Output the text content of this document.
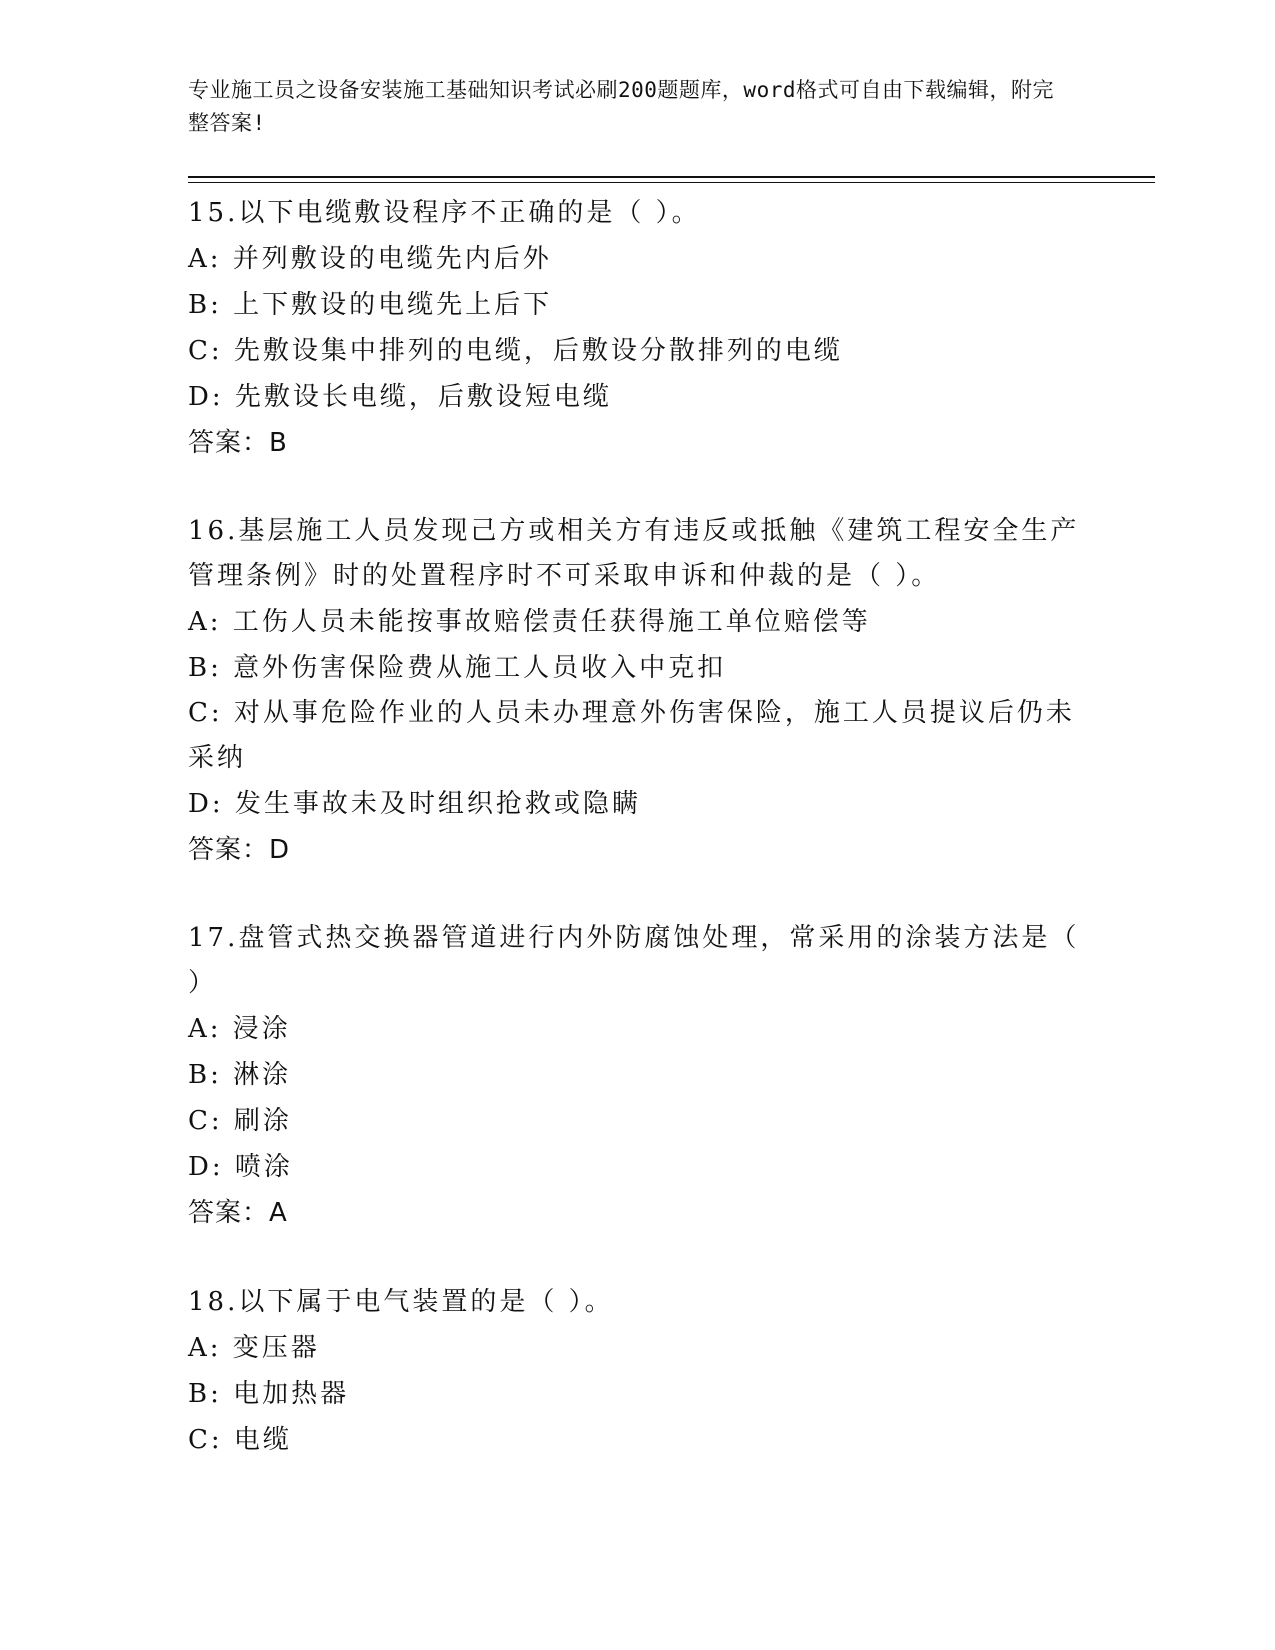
专业施工员之设备安装施工基础知识考试必刷200题题库，word格式可自由下载编辑，附完整答案!
15.以下电缆敷设程序不正确的是（ ）。
A: 并列敷设的电缆先内后外
B: 上下敷设的电缆先上后下
C: 先敷设集中排列的电缆，后敷设分散排列的电缆
D: 先敷设长电缆，后敷设短电缆
答案：B
16.基层施工人员发现己方或相关方有违反或抵触《建筑工程安全生产管理条例》时的处置程序时不可采取申诉和仲裁的是（ ）。
A: 工伤人员未能按事故赔偿责任获得施工单位赔偿等
B: 意外伤害保险费从施工人员收入中克扣
C: 对从事危险作业的人员未办理意外伤害保险，施工人员提议后仍未采纳
D: 发生事故未及时组织抢救或隐瞒
答案：D
17.盘管式热交换器管道进行内外防腐蚀处理，常采用的涂装方法是（ ）
A: 浸涂
B: 淋涂
C: 刷涂
D: 喷涂
答案：A
18.以下属于电气装置的是（ ）。
A: 变压器
B: 电加热器
C: 电缆
